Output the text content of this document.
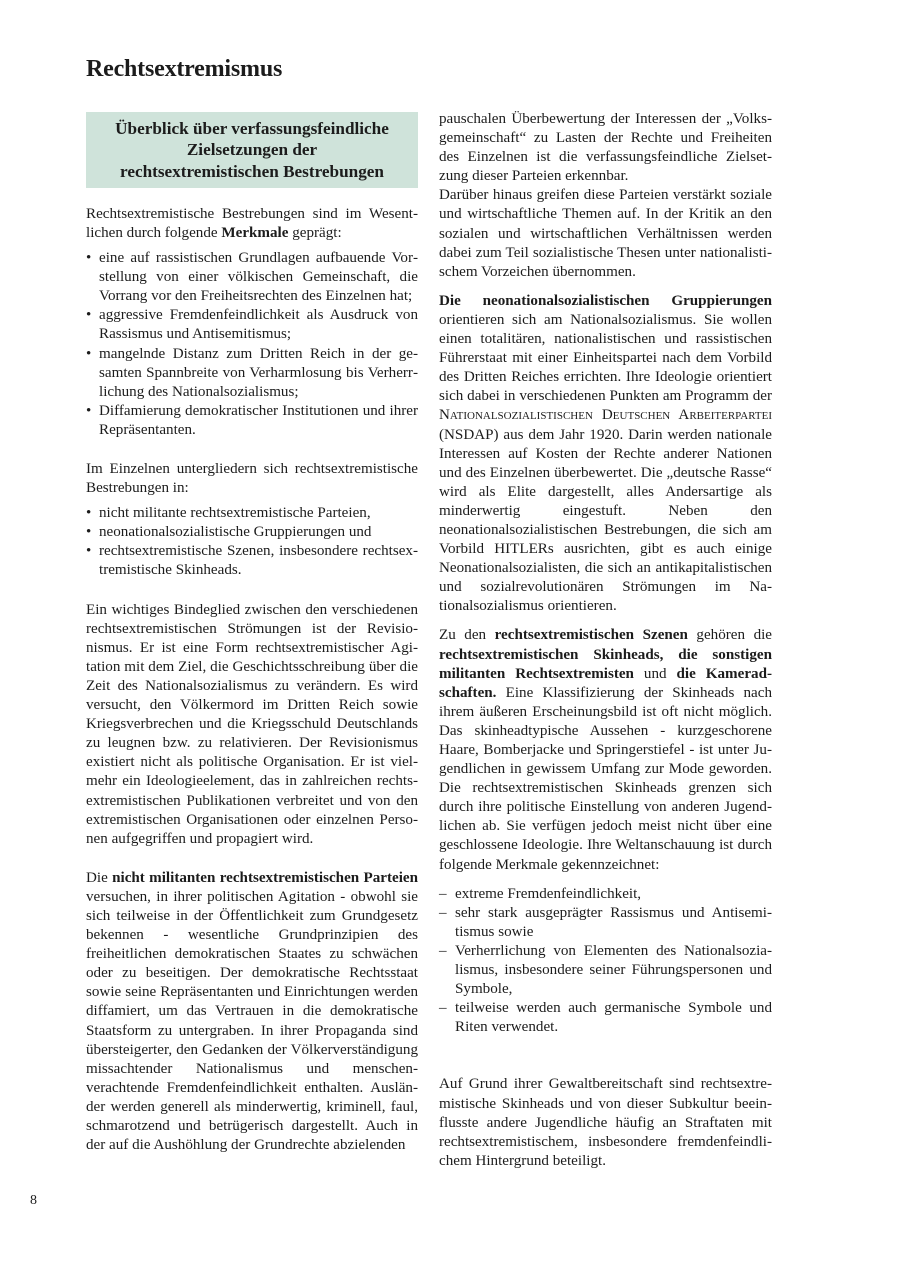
Rechtsextremismus
Überblick über verfassungsfeindliche
Zielsetzungen der
rechtsextremistischen Bestrebungen

Rechtsextremistische Bestrebungen sind im Wesentlichen durch folgende Merkmale geprägt:

• eine auf rassistischen Grundlagen aufbauende Vorstellung von einer völkischen Gemeinschaft, die Vorrang vor den Freiheitsrechten des Einzelnen hat;
• aggressive Fremdenfeindlichkeit als Ausdruck von Rassismus und Antisemitismus;
• mangelnde Distanz zum Dritten Reich in der gesamten Spannbreite von Verharmlosung bis Verherrlichung des Nationalsozialismus;
• Diffamierung demokratischer Institutionen und ihrer Repräsentanten.

Im Einzelnen untergliedern sich rechtsextremistische Bestrebungen in:

• nicht militante rechtsextremistische Parteien,
• neonationalsozialistische Gruppierungen und
• rechtsextremistische Szenen, insbesondere rechtsextremistische Skinheads.

Ein wichtiges Bindeglied zwischen den verschiedenen rechtsextremistischen Strömungen ist der Revisionismus. Er ist eine Form rechtsextremistischer Agitation mit dem Ziel, die Geschichtsschreibung über die Zeit des Nationalsozialismus zu verändern. Es wird versucht, den Völkermord im Dritten Reich sowie Kriegsverbrechen und die Kriegsschuld Deutschlands zu leugnen bzw. zu relativieren. Der Revisionismus existiert nicht als politische Organisation. Er ist vielmehr ein Ideologieelement, das in zahlreichen rechtsextremistischen Publikationen verbreitet und von den extremistischen Organisationen oder einzelnen Personen aufgegriffen und propagiert wird.

Die nicht militanten rechtsextremistischen Parteien versuchen, in ihrer politischen Agitation - obwohl sie sich teilweise in der Öffentlichkeit zum Grundgesetz bekennen - wesentliche Grundprinzipien des freiheitlichen demokratischen Staates zu schwächen oder zu beseitigen. Der demokratische Rechtsstaat sowie seine Repräsentanten und Einrichtungen werden diffamiert, um das Vertrauen in die demokratische Staatsform zu untergraben. In ihrer Propaganda sind übersteigerter, den Gedanken der Völkerverständigung missachtender Nationalismus und menschenverachtende Fremdenfeindlichkeit enthalten. Ausländer werden generell als minderwertig, kriminell, faul, schmarotzend und betrügerisch dargestellt. Auch in der auf die Aushöhlung der Grundrechte abzielenden

pauschalen Überbewertung der Interessen der „Volksgemeinschaft“ zu Lasten der Rechte und Freiheiten des Einzelnen ist die verfassungsfeindliche Zielsetzung dieser Parteien erkennbar.

Darüber hinaus greifen diese Parteien verstärkt soziale und wirtschaftliche Themen auf. In der Kritik an den sozialen und wirtschaftlichen Verhältnissen werden dabei zum Teil sozialistische Thesen unter nationalistischem Vorzeichen übernommen.

Die neonationalsozialistischen Gruppierungen orientieren sich am Nationalsozialismus. Sie wollen einen totalitären, nationalistischen und rassistischen Führerstaat mit einer Einheitspartei nach dem Vorbild des Dritten Reiches errichten. Ihre Ideologie orientiert sich dabei in verschiedenen Punkten am Programm der Nationalsozialistischen Deutschen Arbeiterpartei (NSDAP) aus dem Jahr 1920. Darin werden nationale Interessen auf Kosten der Rechte anderer Nationen und des Einzelnen überbewertet. Die „deutsche Rasse“ wird als Elite dargestellt, alles Andersartige als minderwertig eingestuft. Neben den neonationalsozialistischen Bestrebungen, die sich am Vorbild HITLERs ausrichten, gibt es auch einige Neonationalsozialisten, die sich an antikapitalistischen und sozialrevolutionären Strömungen im Nationalsozialismus orientieren.

Zu den rechtsextremistischen Szenen gehören die rechtsextremistischen Skinheads, die sonstigen militanten Rechtsextremisten und die Kameradschaften. Eine Klassifizierung der Skinheads nach ihrem äußeren Erscheinungsbild ist oft nicht möglich. Das skinheadtypische Aussehen - kurzgeschorene Haare, Bomberjacke und Springerstiefel - ist unter Jugendlichen in gewissem Umfang zur Mode geworden. Die rechtsextremistischen Skinheads grenzen sich durch ihre politische Einstellung von anderen Jugendlichen ab. Sie verfügen jedoch meist nicht über eine geschlossene Ideologie. Ihre Weltanschauung ist durch folgende Merkmale gekennzeichnet:

– extreme Fremdenfeindlichkeit,
– sehr stark ausgeprägter Rassismus und Antisemitismus sowie
– Verherrlichung von Elementen des Nationalsozialismus, insbesondere seiner Führungspersonen und Symbole,
– teilweise werden auch germanische Symbole und Riten verwendet.

Auf Grund ihrer Gewaltbereitschaft sind rechtsextremistische Skinheads und von dieser Subkultur beeinflusste andere Jugendliche häufig an Straftaten mit rechtsextremistischem, insbesondere fremdenfeindlichem Hintergrund beteiligt.

8
